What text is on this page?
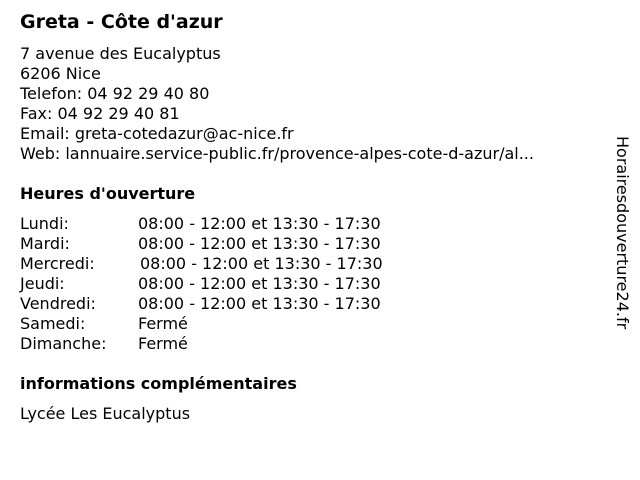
Greta - Côte d'azur
7 avenue des Eucalyptus
6206 Nice
Telefon: 04 92 29 40 80
Fax: 04 92 29 40 81
Email: greta-cotedazur@ac-nice.fr
Web: lannuaire.service-public.fr/provence-alpes-cote-d-azur/al...
Heures d'ouverture
Lundi:	08:00 - 12:00 et 13:30 - 17:30
Mardi:	08:00 - 12:00 et 13:30 - 17:30
Mercredi:	08:00 - 12:00 et 13:30 - 17:30
Jeudi:	08:00 - 12:00 et 13:30 - 17:30
Vendredi:	08:00 - 12:00 et 13:30 - 17:30
Samedi:	Fermé
Dimanche: Fermé
informations complémentaires
Lycée Les Eucalyptus
Horairesdouverture24.fr
